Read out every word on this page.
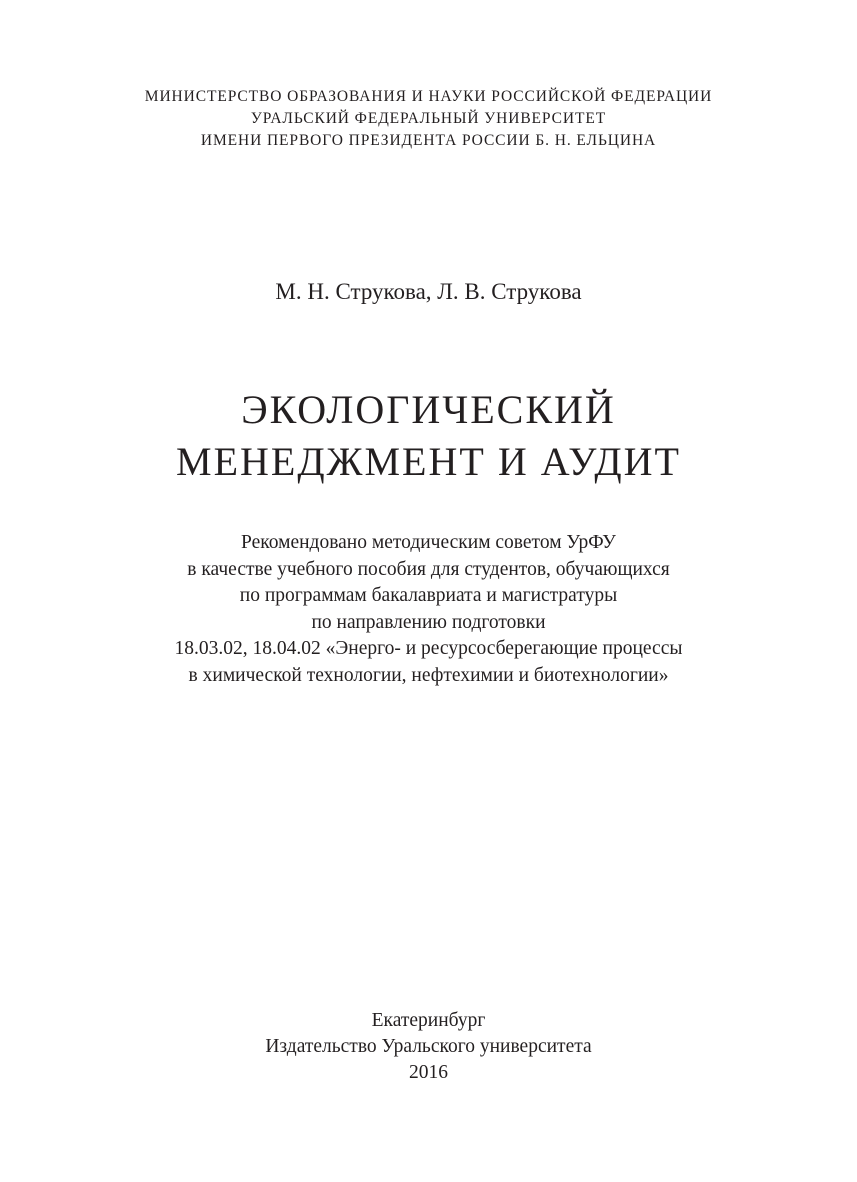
МИНИСТЕРСТВО ОБРАЗОВАНИЯ И НАУКИ РОССИЙСКОЙ ФЕДЕРАЦИИ
УРАЛЬСКИЙ ФЕДЕРАЛЬНЫЙ УНИВЕРСИТЕТ
ИМЕНИ ПЕРВОГО ПРЕЗИДЕНТА РОССИИ Б. Н. ЕЛЬЦИНА
М. Н. Струкова, Л. В. Струкова
ЭКОЛОГИЧЕСКИЙ
МЕНЕДЖМЕНТ И АУДИТ
Рекомендовано методическим советом УрФУ
в качестве учебного пособия для студентов, обучающихся
по программам бакалавриата и магистратуры
по направлению подготовки
18.03.02, 18.04.02 «Энерго- и ресурсосберегающие процессы
в химической технологии, нефтехимии и биотехнологии»
Екатеринбург
Издательство Уральского университета
2016
